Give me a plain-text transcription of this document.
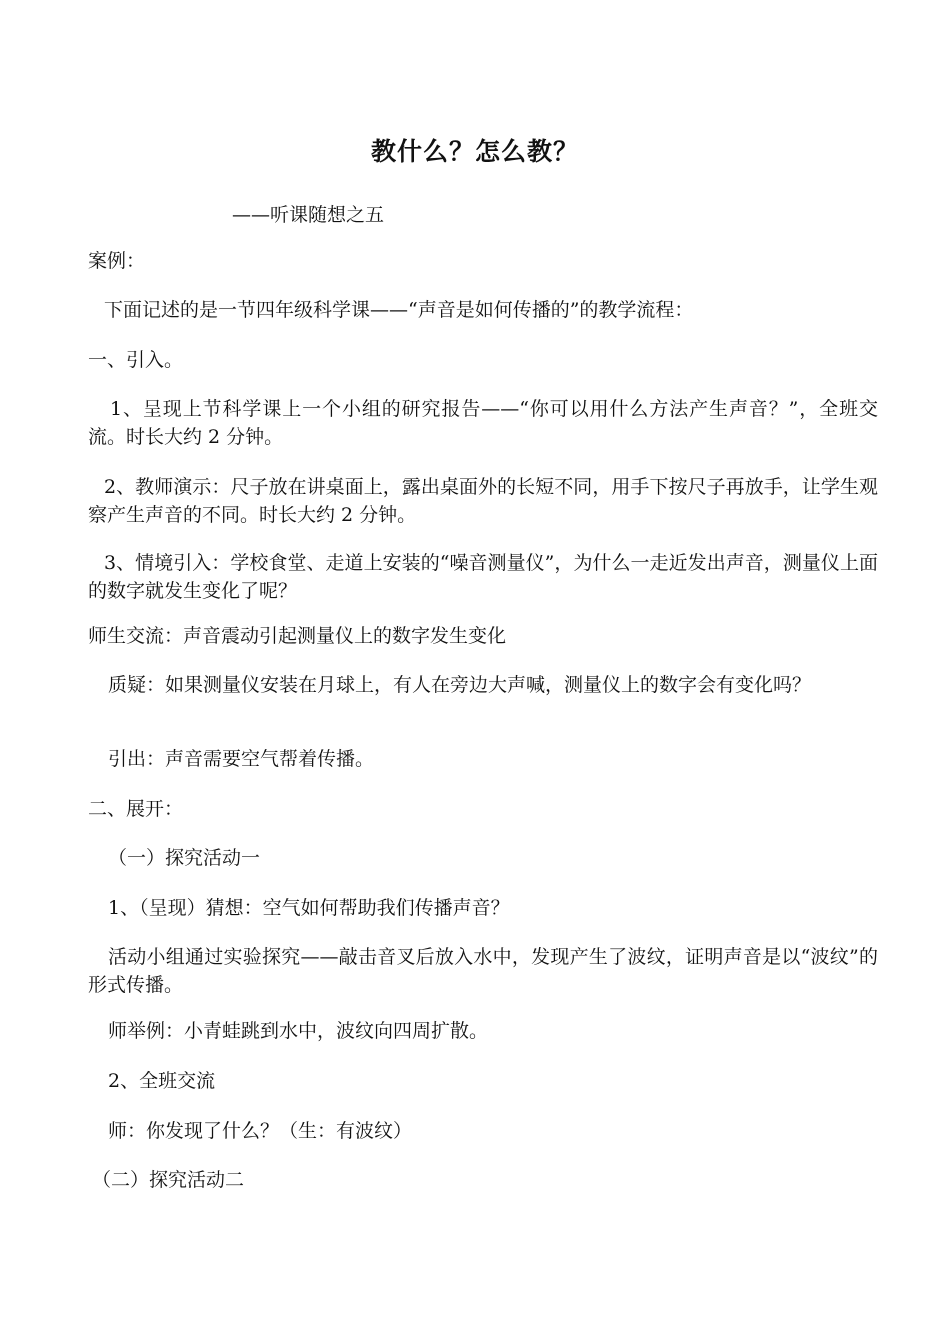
教什么？怎么教？

——听课随想之五

案例：

下面记述的是一节四年级科学课——“声音是如何传播的”的教学流程：

一、引入。

1、呈现上节科学课上一个小组的研究报告——“你可以用什么方法产生声音？”，全班交流。时长大约 2 分钟。

2、教师演示：尺子放在讲桌面上，露出桌面外的长短不同，用手下按尺子再放手，让学生观察产生声音的不同。时长大约 2 分钟。

3、情境引入：学校食堂、走道上安装的“噪音测量仪”，为什么一走近发出声音，测量仪上面的数字就发生变化了呢？

师生交流：声音震动引起测量仪上的数字发生变化

质疑：如果测量仪安装在月球上，有人在旁边大声喊，测量仪上的数字会有变化吗？

引出：声音需要空气帮着传播。

二、展开：

（一）探究活动一

1、（呈现）猜想：空气如何帮助我们传播声音？

活动小组通过实验探究——敲击音叉后放入水中，发现产生了波纹，证明声音是以“波纹”的形式传播。

师举例：小青蛙跳到水中，波纹向四周扩散。

2、全班交流

师：你发现了什么？（生：有波纹）

（二）探究活动二
